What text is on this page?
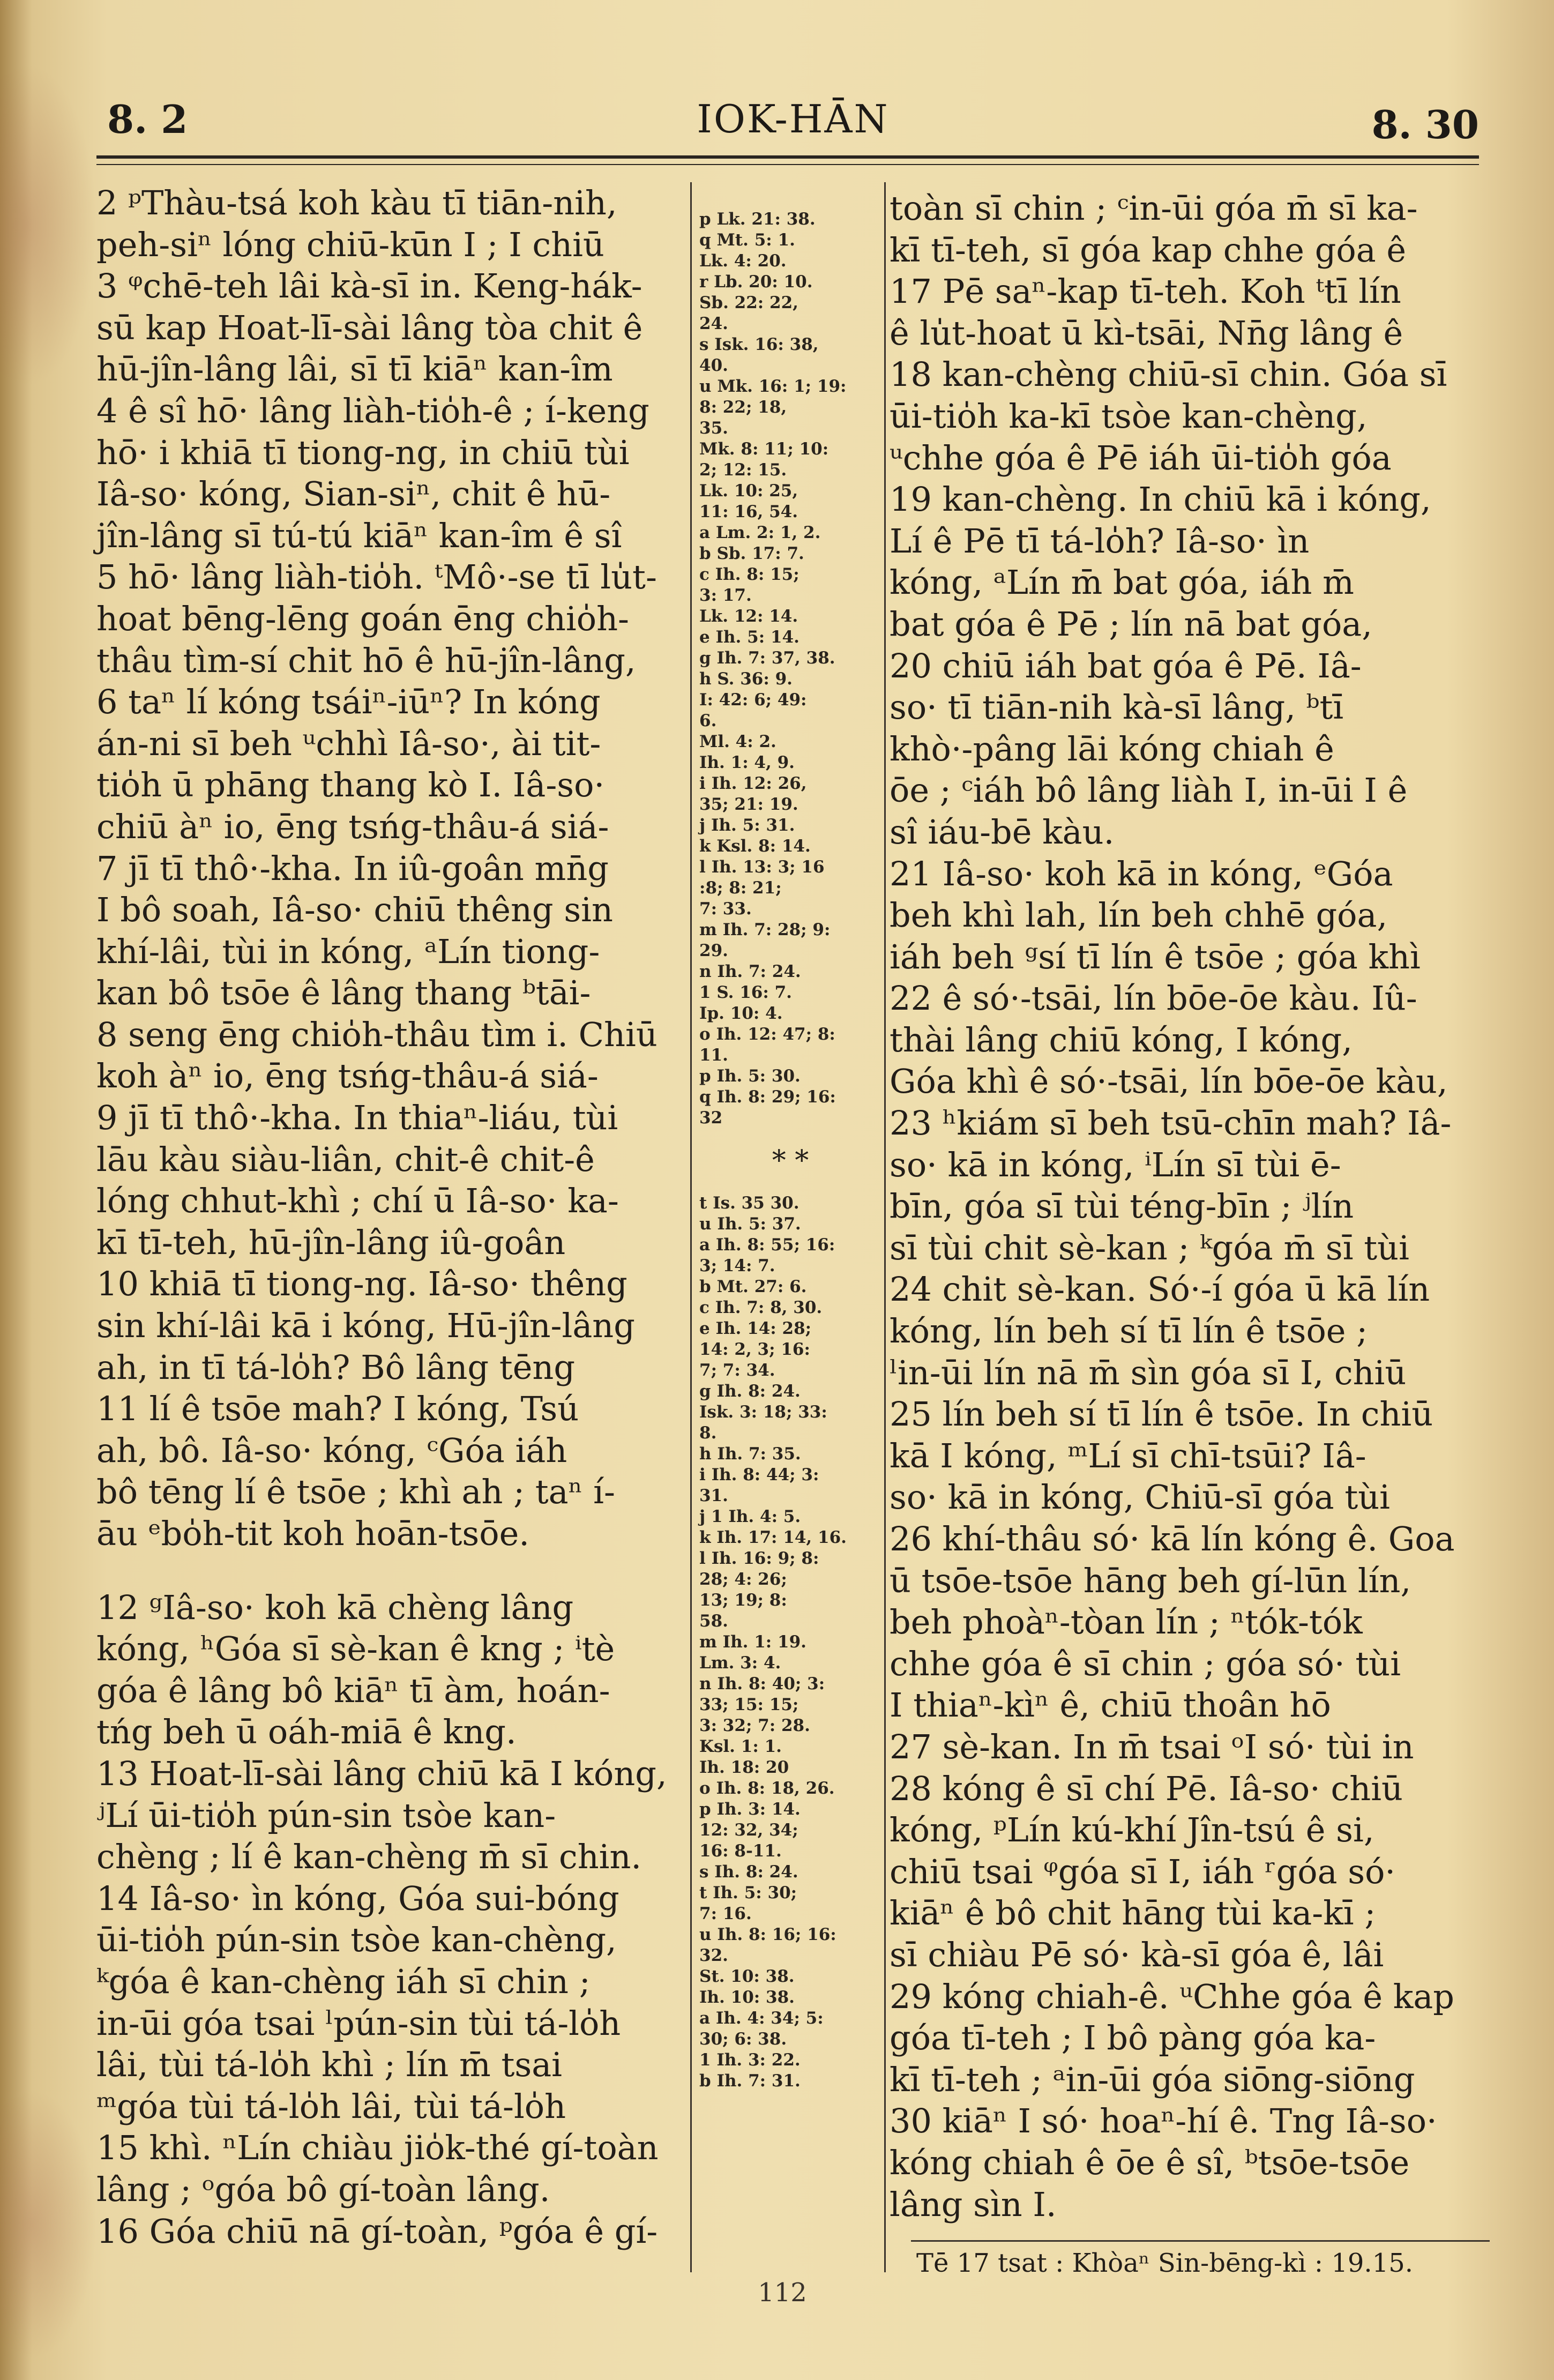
8. 2	IOK-HĀN	8. 30
2 ᵖThàu-tsá koh kàu tī tiān-nih,
peh-siⁿ lóng chiū-kūn I ; I chiū
3 ᵠchē-teh lâi kà-sī in. Keng-hák-
sū kap Hoat-lī-sài lâng tòa chit ê
hū-jîn-lâng lâi, sī tī kiāⁿ kan-îm
4 ê sî hō· lâng liàh-tio̍h-ê ; í-keng
hō· i khiā tī tiong-ng, in chiū tùi
Iâ-so· kóng, Sian-siⁿ, chit ê hū-
jîn-lâng sī tú-tú kiāⁿ kan-îm ê sî
5 hō· lâng liàh-tio̍h. ᵗMô·-se tī lu̍t-
hoat bēng-lēng goán ēng chio̍h-
thâu tìm-sí chit hō ê hū-jîn-lâng,
6 taⁿ lí kóng tsáiⁿ-iūⁿ? In kóng
án-ni sī beh ᵘchhì Iâ-so·, ài tit-
tio̍h ū phāng thang kò I. Iâ-so·
chiū àⁿ io, ēng tsńg-thâu-á siá-
7 jī tī thô·-kha. In iû-goân mn̄g
I bô soah, Iâ-so· chiū thêng sin
khí-lâi, tùi in kóng, ᵃLín tiong-
kan bô tsōe ê lâng thang ᵇtāi-
8 seng ēng chio̍h-thâu tìm i. Chiū
koh àⁿ io, ēng tsńg-thâu-á siá-
9 jī tī thô·-kha. In thiaⁿ-liáu, tùi
lāu kàu siàu-liân, chit-ê chit-ê
lóng chhut-khì ; chí ū Iâ-so· ka-
kī tī-teh, hū-jîn-lâng iû-goân
10 khiā tī tiong-ng. Iâ-so· thêng
sin khí-lâi kā i kóng, Hū-jîn-lâng
ah, in tī tá-lo̍h? Bô lâng tēng
11 lí ê tsōe mah? I kóng, Tsú
ah, bô. Iâ-so· kóng, ᶜGóa iáh
bô tēng lí ê tsōe ; khì ah ; taⁿ í-
āu ᵉbo̍h-tit koh hoān-tsōe.
12 ᵍIâ-so· koh kā chèng lâng
kóng, ʰGóa sī sè-kan ê kng ; ⁱtè
góa ê lâng bô kiāⁿ tī àm, hoán-
tńg beh ū oáh-miā ê kng.
13 Hoat-lī-sài lâng chiū kā I kóng,
ʲLí ūi-tio̍h pún-sin tsòe kan-
chèng ; lí ê kan-chèng m̄ sī chin.
14 Iâ-so· ìn kóng, Góa sui-bóng
ūi-tio̍h pún-sin tsòe kan-chèng,
ᵏgóa ê kan-chèng iáh sī chin ;
in-ūi góa tsai ˡpún-sin tùi tá-lo̍h
lâi, tùi tá-lo̍h khì ; lín m̄ tsai
ᵐgóa tùi tá-lo̍h lâi, tùi tá-lo̍h
15 khì. ⁿLín chiàu jio̍k-thé gí-toàn
lâng ; ᵒgóa bô gí-toàn lâng.
16 Góa chiū nā gí-toàn, ᵖgóa ê gí-
p Lk. 21: 38.
q Mt. 5: 1.
Lk. 4: 20.
r Lb. 20: 10.
Sb. 22: 22,
24.
s Isk. 16: 38,
40.
u Mk. 16: 1; 19:
8: 22; 18,
35.
Mk. 8: 11; 10:
2; 12: 15.
Lk. 10: 25,
11: 16, 54.
a Lm. 2: 1, 2.
b Sb. 17: 7.
c Ih. 8: 15;
3: 17.
Lk. 12: 14.
e Ih. 5: 14.
g Ih. 7: 37, 38.
h S. 36: 9.
I: 42: 6; 49:
6.
Ml. 4: 2.
Ih. 1: 4, 9.
i Ih. 12: 26,
35; 21: 19.
j Ih. 5: 31.
k Ksl. 8: 14.
l Ih. 13: 3; 16
:8; 8: 21;
7: 33.
m Ih. 7: 28; 9:
29.
n Ih. 7: 24.
1 S. 16: 7.
Ip. 10: 4.
o Ih. 12: 47; 8:
11.
p Ih. 5: 30.
q Ih. 8: 29; 16:
32
* *
t Is. 35 30.
u Ih. 5: 37.
a Ih. 8: 55; 16:
3; 14: 7.
b Mt. 27: 6.
c Ih. 7: 8, 30.
e Ih. 14: 28;
14: 2, 3; 16:
7; 7: 34.
g Ih. 8: 24.
Isk. 3: 18; 33:
8.
h Ih. 7: 35.
i Ih. 8: 44; 3:
31.
j 1 Ih. 4: 5.
k Ih. 17: 14, 16.
l Ih. 16: 9; 8:
28; 4: 26;
13; 19; 8:
58.
m Ih. 1: 19.
Lm. 3: 4.
n Ih. 8: 40; 3:
33; 15: 15;
3: 32; 7: 28.
Ksl. 1: 1.
Ih. 18: 20
o Ih. 8: 18, 26.
p Ih. 3: 14.
12: 32, 34;
16: 8-11.
s Ih. 8: 24.
t Ih. 5: 30;
7: 16.
u Ih. 8: 16; 16:
32.
St. 10: 38.
Ih. 10: 38.
a Ih. 4: 34; 5:
30; 6: 38.
1 Ih. 3: 22.
b Ih. 7: 31.
toàn sī chin ; ᶜin-ūi góa m̄ sī ka-
kī tī-teh, sī góa kap chhe góa ê
17 Pē saⁿ-kap tī-teh. Koh ᵗtī lín
ê lu̍t-hoat ū kì-tsāi, Nn̄g lâng ê
18 kan-chèng chiū-sī chin. Góa sī
ūi-tio̍h ka-kī tsòe kan-chèng,
ᵘchhe góa ê Pē iáh ūi-tio̍h góa
19 kan-chèng. In chiū kā i kóng,
Lí ê Pē tī tá-lo̍h? Iâ-so· ìn
kóng, ᵃLín m̄ bat góa, iáh m̄
bat góa ê Pē ; lín nā bat góa,
20 chiū iáh bat góa ê Pē. Iâ-
so· tī tiān-nih kà-sī lâng, ᵇtī
khò·-pâng lāi kóng chiah ê
ōe ; ᶜiáh bô lâng liàh I, in-ūi I ê
sî iáu-bē kàu.
21 Iâ-so· koh kā in kóng, ᵉGóa
beh khì lah, lín beh chhē góa,
iáh beh ᵍsí tī lín ê tsōe ; góa khì
22 ê só·-tsāi, lín bōe-ōe kàu. Iû-
thài lâng chiū kóng, I kóng,
Góa khì ê só·-tsāi, lín bōe-ōe kàu,
23 ʰkiám sī beh tsū-chīn mah? Iâ-
so· kā in kóng, ⁱLín sī tùi ē-
bīn, góa sī tùi téng-bīn ; ʲlín
sī tùi chit sè-kan ; ᵏgóa m̄ sī tùi
24 chit sè-kan. Só·-í góa ū kā lín
kóng, lín beh sí tī lín ê tsōe ;
ˡin-ūi lín nā m̄ sìn góa sī I, chiū
25 lín beh sí tī lín ê tsōe. In chiū
kā I kóng, ᵐLí sī chī-tsūi? Iâ-
so· kā in kóng, Chiū-sī góa tùi
26 khí-thâu só· kā lín kóng ê. Goa
ū tsōe-tsōe hāng beh gí-lūn lín,
beh phoàⁿ-tòan lín ; ⁿtók-tók
chhe góa ê sī chin ; góa só· tùi
I thiaⁿ-kìⁿ ê, chiū thoân hō
27 sè-kan. In m̄ tsai ᵒI só· tùi in
28 kóng ê sī chí Pē. Iâ-so· chiū
kóng, ᵖLín kú-khí Jîn-tsú ê si,
chiū tsai ᵠgóa sī I, iáh ʳgóa só·
kiāⁿ ê bô chit hāng tùi ka-kī ;
sī chiàu Pē só· kà-sī góa ê, lâi
29 kóng chiah-ê. ᵘChhe góa ê kap
góa tī-teh ; I bô pàng góa ka-
kī tī-teh ; ᵃin-ūi góa siōng-siōng
30 kiāⁿ I só· hoaⁿ-hí ê. Tng Iâ-so·
kóng chiah ê ōe ê sî, ᵇtsōe-tsōe
lâng sìn I.
Tē 17 tsat : Khòaⁿ Sin-bēng-kì : 19.15.
112
